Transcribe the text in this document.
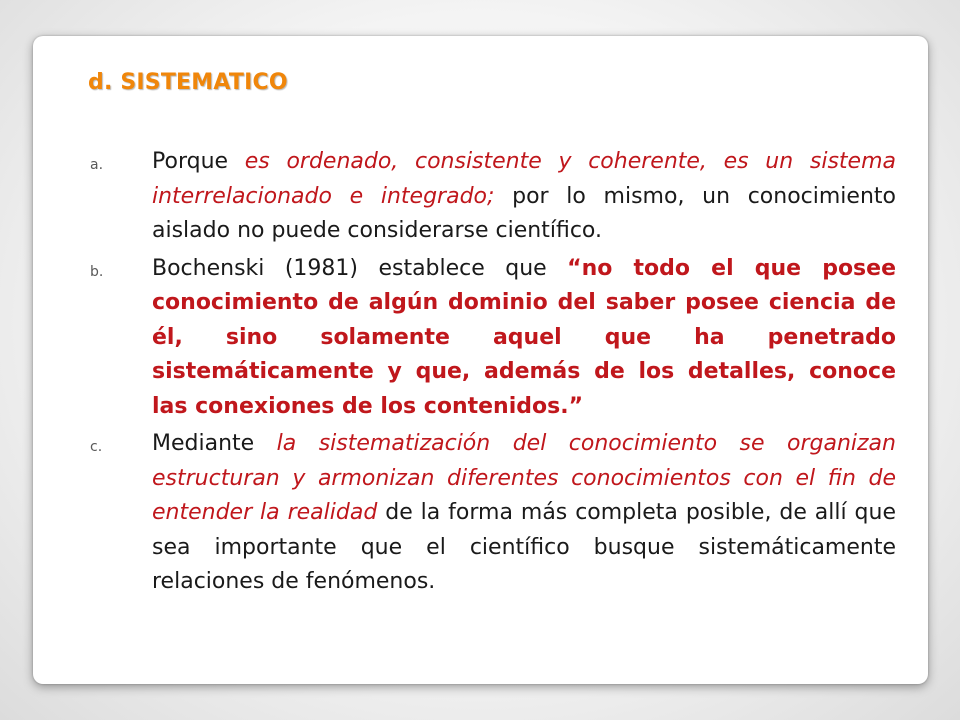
d. SISTEMATICO
a. Porque es ordenado, consistente y coherente, es un sistema interrelacionado e integrado; por lo mismo, un conocimiento aislado no puede considerarse científico.
b. Bochenski (1981) establece que “no todo el que posee conocimiento de algún dominio del saber posee ciencia de él, sino solamente aquel que ha penetrado sistemáticamente y que, además de los detalles, conoce las conexiones de los contenidos.”
c. Mediante la sistematización del conocimiento se organizan estructuran y armonizan diferentes conocimientos con el fin de entender la realidad de la forma más completa posible, de allí que sea importante que el científico busque sistemáticamente relaciones de fenómenos.
